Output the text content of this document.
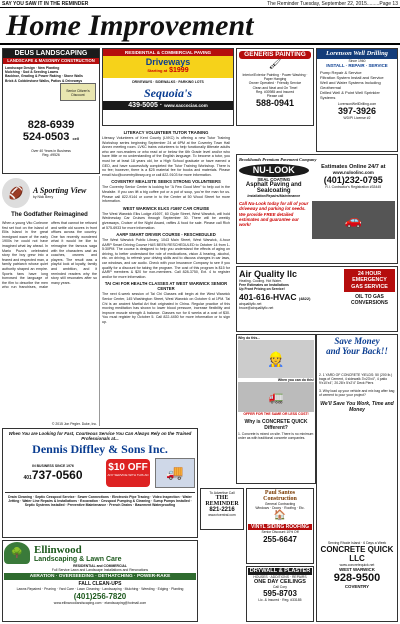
SAY YOU SAW IT IN THE REMINDER	The Reminder Tuesday, September 22, 2015.........Page 13
Home Improvement
DEUS LANDSCAPING
LANDSCAPE & MASONRY CONSTRUCTION
Landscape Design · New Planting
Mulching · Sod & Seeding Lawns
Backhoe, Grading & Power Raking · Stone Walls
Brick & Cobblestone Walks, Patios & Driveways
Senior Citizen's Discount
828-6939
524-0503 cell
Over 40 Years in Business
Reg. #9526
🏈	A Sporting View
by Nick Berry
The Godfather Reimagined

When a young Vito Corleone first set foot on the island of Ellis Island in the great immigrant wave of the early 1900s he could not have imagined what lay ahead. In Mario Puzo's celebrated story the boy grew into a feared and respected man, a family patriarch whose quiet authority shaped an empire. Sports fans have long borrowed the language of the film to describe the men who run franchises, make offers that cannot be refused and settle old scores in front offices across the country. One fan recently wondered what it would be like to reimagine the famous saga with the characters cast as coaches, owners and players. The result was a playful look at loyalty, family and ambition, and it reminded readers why the story still resonates after so many years.

© 2015 Jon Pegler. Duke, Inc.
When You are Looking for Fast, Courteous Service You Can Always Rely on the Trained Professionals at...
Dennis Diffley & Sons Inc.
IN BUSINESS SINCE 1976
401737-0560
$10 OFF
ANY SERVICE WITH THIS AD	🚚
Drain Cleaning · Septic Cesspool Service · Sewer Connections · Electronic Pipe Tracing · Video Inspection · Water Jetting · Water Line Repairs & Installations · Excavation · Cesspool Pumping & Cleaning · Sump Pumps Installed · Septic Systems Installed · Preventive Maintenance · French Drains · Basement Waterproofing
🌳 Ellinwood
Landscaping & Lawn Care
RESIDENTIAL and COMMERCIAL
Full Service Lawn and Landscape Installations and Renovations
AERATION · OVERSEEDING · DETHATCHING · POWER-RAKE
FALL CLEAN-UPS
Lawns Repaired · Pruning · Yard Care · Lawn Cleaning · Landscaping · Mulching · Weeding · Edging · Planting
(401)256-7820
www.ellinwoodlandscaping.com · elandscaping@hotmail.com
RESIDENTIAL & COMMERCIAL PAVING
Driveways
Starting at $1999
DRIVEWAYS · SIDEWALKS · PARKING LOTS
Sequoia's
439-5005 · www.saccocias.com
GENERIS PAINTING
🖌
Interior/Exterior Painting · Power Washing · Paper Hanging
Owner Operated · Friendly Service
Clean and Neat and On Time!
Reg. #30985 and Insured
Please call
588-0941
Lorenson Well Drilling
Since 1960
INSTALL · REPAIR · SERVICE
Pump Repair & Service
Filtration System Install and Service
Well and Water Systems Including Geothermal
Drilled Well & Point Well Sprinkler Systems
LorensonWellDrilling.com
397-3926
WD/PI License #2
LITERACY VOLUNTEER TUTOR TRAINING

Literacy Volunteers of Kent County (LVKC) is offering a new Tutor Training Workshop series beginning September 24 at 6PM at the Coventry Town Hall Annex meeting room. LVKC trains volunteers to help functionally illiterate adults who are non-readers or who read at or below the 6th Grade level and/or who have little or no understanding of the English language. To become a tutor, you must be at least 18 years old, be a High School graduate or have earned a GED, and have successfully completed the Tutor Training Workshop. There is no fee; however, there is a $25 material fee for books and materials. Please email lvkc@coventrylibrary.org or call 822-9103 for more information.

COVENTRY MEALSITE SEEKS STRONG VOLUNTEERS

The Coventry Senior Center is looking for "A Few Good Men" to help out in the Mealsite. If you can lift a big coffee pot or a pot of soup, you're the man for us. Please call 822-9144 or come in to the Center at 50 Wood Street for more information.

WEST WARWICK ELKS #1697 CAR CRUISE

The West Warwick Elks Lodge #1697, 60 Clyde Street, West Warwick, will hold Wednesday Car Cruises through September 30. There will be weekly giveaways, Cruiser of the Night Award, raffles & food for sale. Please call Rich at 575-6933 for more information.

AARP SMART DRIVER COURSE - RESCHEDULED

The West Warwick Public Library, 1043 Main Street, West Warwick, 4-hour AARP Smart Driving Course HAS BEEN RESCHEDULED to October 14 from 1-5:30PM. The course is designed to help you understand the effects of aging on driving, to better understand the role of medications, vision & hearing, alcohol, etc. on driving, to refresh your driving skills and to discuss changes in car laws, car windows, and car audio. Check with your Insurance Company to see if you qualify for a discount for taking the program. The cost of this program is $15 for AARP members & $20 for non-members. Call 828-3750, Ext. 4 to register and/or for more information.

TAI CHI FOR HEALTH CLASSES AT WEST WARWICK SENIOR CENTER

The next 6-week session of Tai Chi Classes will begin at the West Warwick Senior Center, 145 Washington Street, West Warwick on October 6 at 1PM. Tai Chi is an ancient Martial Art that originated in China. Regular practice of this moving meditation has shown to lower blood pressure, increase flexibility and improve muscle strength & balance. Classes run for 6 weeks at a cost of $30. You must register by October 5. Call 822-4450 for more information or to sign up.

To Advertise Call
THE REMINDER
821-2216
www.ricentral.com
Paul Santos Construction
General Contracting
Windows · Doors · Roofing · Etc.
🏠
VINYL SIDING ROOFING
Senior Discount 10% Off
255-6647
DRYWALL & PLASTER
HOUSES · ADDITIONS · REPAIRS
ONE DAY CEILINGS
Call Cory
595-8703
Lic. & Insured · Reg. #33185
Brookhands Premium Pavement Company
NU-LOOK
SEAL COATING
Asphalt Paving and Sealcoating
Installation/Repairs/Maintenance
Estimates Online 24/7 at
www.nuloolinc.com
(401)232-0795
R.I. Contractor's Registration #33445
Call Nu-Look today for all of your driveway and parking lot needs. We provide FREE detailed estimates and guarantee our work!	🚗
Air Quality llc
Heating. Cooling. Hot Water.
Free Estimates on Installations
Up Front Pricing on Service!
401-616-HVAC (4822)
airqualityllc.net
bruce@airqualityllc.net
24 HOUR EMERGENCY GAS SERVICE
OIL TO GAS CONVERSIONS
Save Money
and Your Back!!
Why do this...
👷
When you can do this!
🚛
OFFER FOR THE SAME OR LESS COST!
Why is CONCRETE QUICK Different?
1. Concrete is mixed on site. There is no minimum order as with traditional concrete companies.
2. 1 YARD OF CONCRETE YIELDS: 50 (200 lb.) bags of Cement, 4 sidewalk 3'x23'x4", 4 patio 9'x10'x4", 20.28'x 5'x2'4" Deck Piers
3. Why load up your vehicle and mix bag after bag of cement to pour your project?
We'll Save You Work, Time and Money
Serving Rhode Island · 6 Days a Week
CONCRETE QUICK LLC
www.concretequick.net
WEST WARWICK
928-9500
COVENTRY
